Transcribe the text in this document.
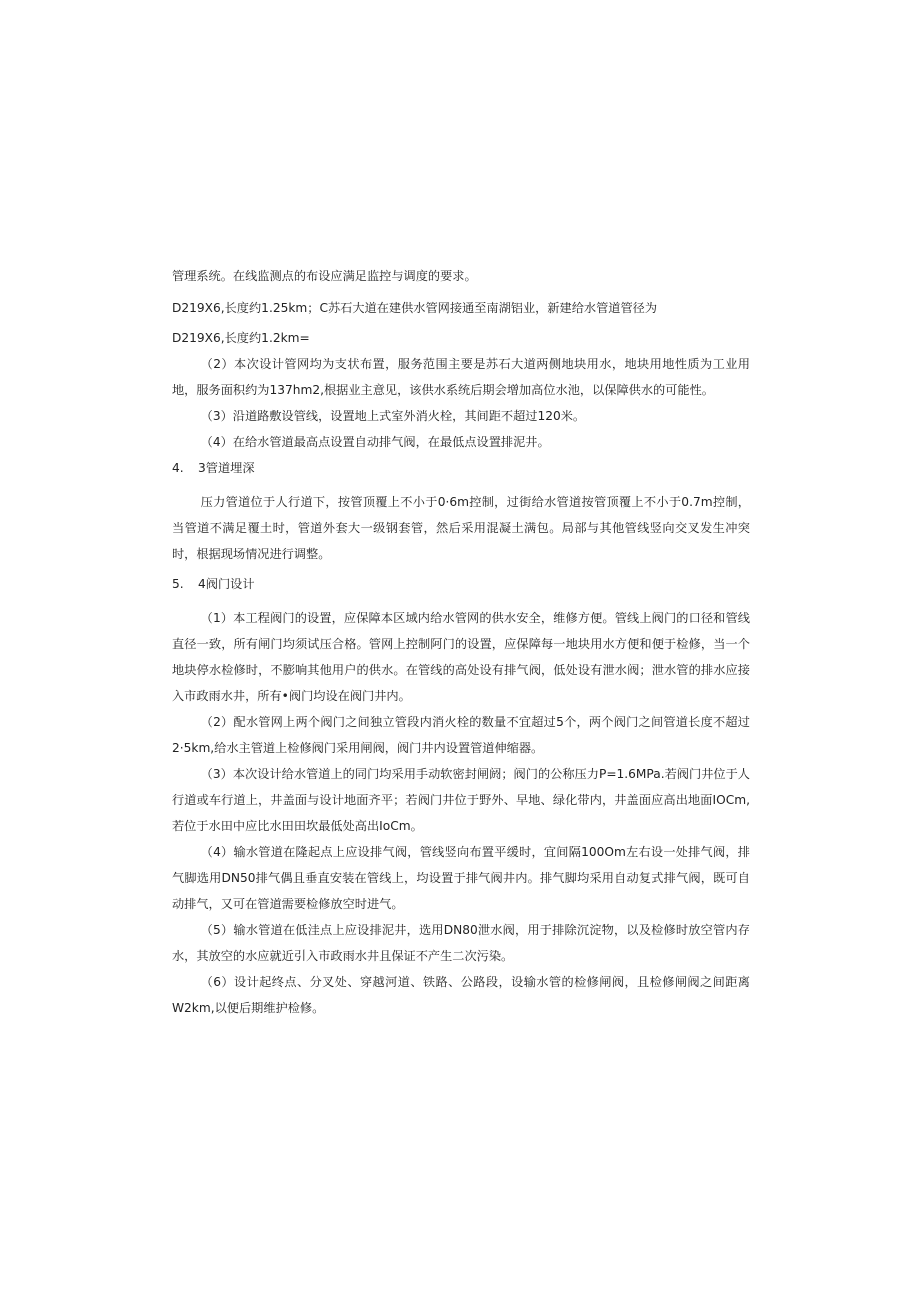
管理系统。在线监测点的布设应满足监控与调度的要求。

D219X6,长度约1.25km；C苏石大道在建供水管网接通至南湖铝业，新建给水管道管径为

D219X6,长度约1.2km=

（2）本次设计管网均为支状布置，服务范围主要是苏石大道两侧地块用水，地块用地性质为工业用地，服务面积约为137hm2,根据业主意见，该供水系统后期会增加高位水池，以保障供水的可能性。

（3）沿道路敷设管线，设置地上式室外消火栓，其间距不超过120米。

（4）在给水管道最高点设置自动排气阀，在最低点设置排泥井。

4. 3管道埋深

压力管道位于人行道下，按管顶覆上不小于0·6m控制，过街给水管道按管顶覆上不小于0.7m控制，当管道不满足覆土时，管道外套大一级钢套管，然后采用混凝土满包。局部与其他管线竖向交叉发生冲突时，根据现场情况进行调整。

5. 4阀门设计

（1）本工程阀门的设置，应保障本区域内给水管网的供水安全，维修方便。管线上阀门的口径和管线直径一致，所有闸门均须试压合格。管网上控制阿门的设置，应保障每一地块用水方便和便于检修，当一个地块停水检修时，不膨响其他用户的供水。在管线的高处设有排气阀，低处设有泄水阀；泄水管的排水应接入市政雨水井，所有•阀门均设在阀门井内。

（2）配水管网上两个阀门之间独立管段内消火栓的数量不宜超过5个，两个阀门之间管道长度不超过2·5km,给水主管道上检修阀门采用闸阀，阀门井内设置管道伸缩器。

（3）本次设计给水管道上的同门均采用手动软密封闸阏；阀门的公称压力P=1.6MPa.若阀门井位于人行道或车行道上，井盖面与设计地面齐平；若阀门井位于野外、早地、绿化带内，井盖面应高出地面IOCm,若位于水田中应比水田田坎最低处高出IoCm。

（4）输水管道在隆起点上应设排气阀，管线竖向布置平缓时，宜间隔100Om左右设一处排气阀，排气脚选用DN50排气偶且垂直安装在管线上，均设置于排气阀井内。排气脚均采用自动复式排气阀，既可自动排气，又可在管道需要检修放空时进气。

（5）输水管道在低洼点上应设排泥井，选用DN80泄水阀，用于排除沉淀物，以及检修时放空管内存水，其放空的水应就近引入市政雨水井且保证不产生二次污染。

（6）设计起终点、分叉处、穿越河道、铁路、公路段，设输水管的检修闸阀，且检修闸阀之间距离W2km,以便后期维护检修。
